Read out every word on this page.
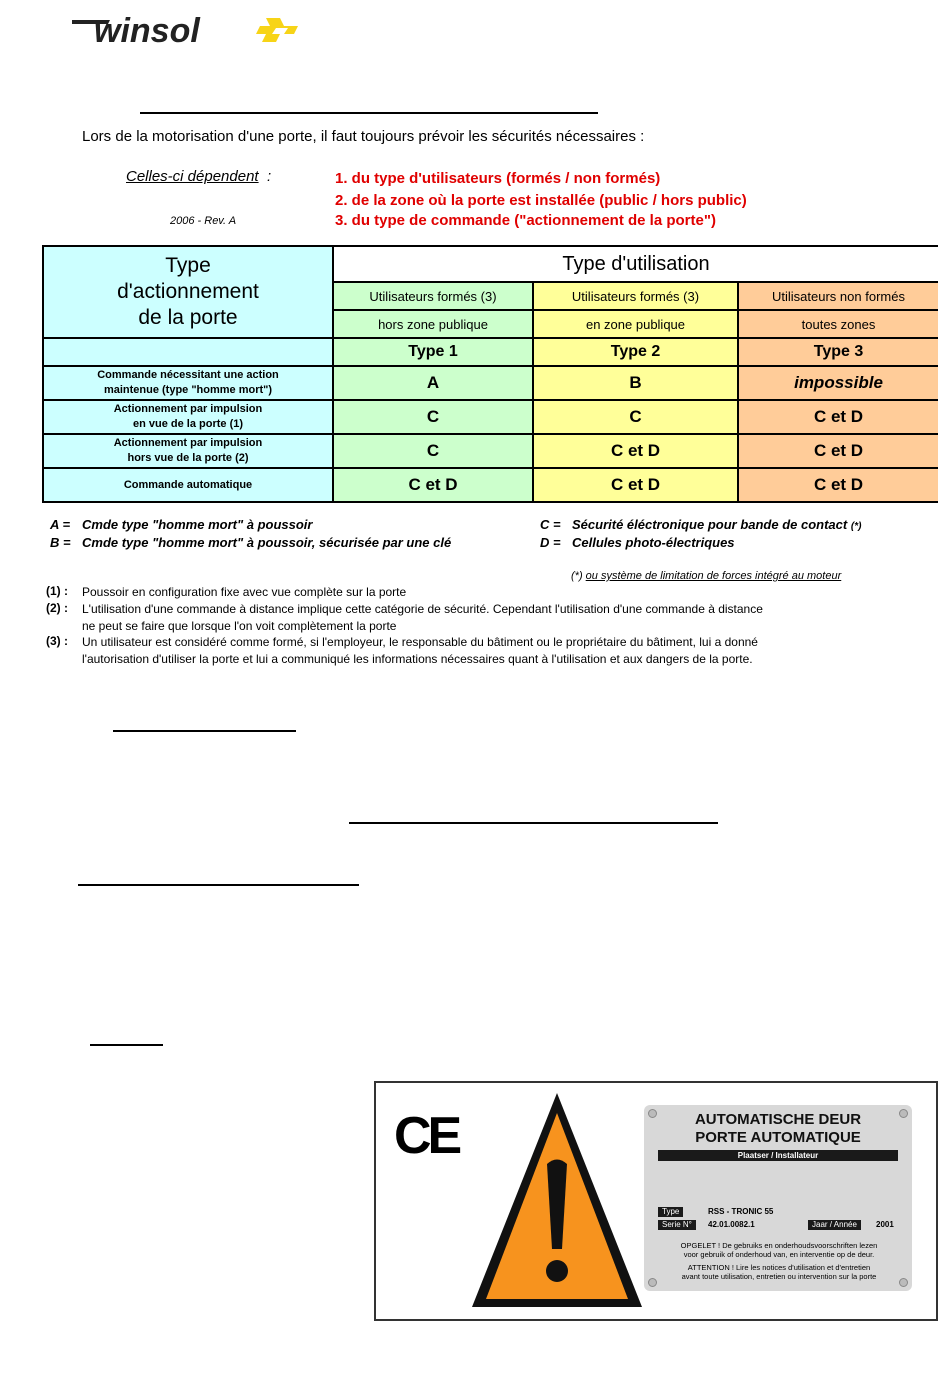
winsol
Lors de la motorisation d'une porte, il faut toujours prévoir les sécurités nécessaires :
Celles-ci dépendent :	1. du type d'utilisateurs (formés / non formés)
2. de la zone où la porte est installée (public / hors public)
3. du type de commande ("actionnement de la porte")
2006 - Rev. A
Type
d'actionnement
de la porte	Type d'utilisation		
	Utilisateurs formés (3)	Utilisateurs formés (3)	Utilisateurs non formés
	hors zone publique	en zone publique	toutes zones
	Type 1	Type 2	Type 3

Commande nécessitant une action
maintenue (type "homme mort")	A	B	impossible

Actionnement par impulsion
en vue de la porte (1)	C	C	C et D

Actionnement par impulsion
hors vue de la porte (2)	C	C et D	C et D

Commande automatique	C et D	C et D	C et D
A = Cmde type "homme mort" à poussoir
B = Cmde type "homme mort" à poussoir, sécurisée par une clé
C = Sécurité éléctronique pour bande de contact (*)
D = Cellules photo-électriques
(*) ou système de limitation de forces intégré au moteur
(1) : Poussoir en configuration fixe avec vue complète sur la porte
(2) : L'utilisation d'une commande à distance implique cette catégorie de sécurité. Cependant l'utilisation d'une commande à distance
ne peut se faire que lorsque l'on voit complètement la porte
(3) : Un utilisateur est considéré comme formé, si l'employeur, le responsable du bâtiment ou le propriétaire du bâtiment, lui a donné
l'autorisation d'utiliser la porte et lui a communiqué les informations nécessaires quant à l'utilisation et aux dangers de la porte.
CE	AUTOMATISCHE DEUR
PORTE AUTOMATIQUE
Plaatser / Installateur
Type	RSS - TRONIC 55
Serie N°	42.01.0082.1	Jaar / Année	2001
OPGELET ! De gebruiks en onderhoudsvoorschriften lezen
voor gebruik of onderhoud van, en interventie op de deur.
ATTENTION ! Lire les notices d'utilisation et d'entretien
avant toute utilisation, entretien ou intervention sur la porte
